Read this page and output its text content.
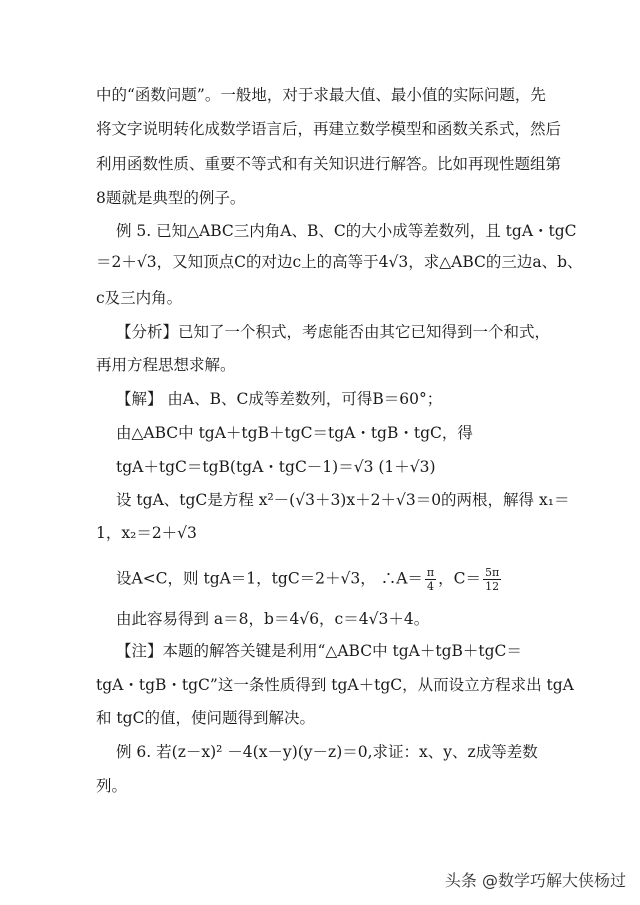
中的“函数问题”。一般地，对于求最大值、最小值的实际问题，先
将文字说明转化成数学语言后，再建立数学模型和函数关系式，然后
利用函数性质、重要不等式和有关知识进行解答。比如再现性题组第
8题就是典型的例子。
例 5. 已知△ABC三内角A、B、C的大小成等差数列，且 tgA・tgC
＝2＋√3，又知顶点C的对边c上的高等于4√3，求△ABC的三边a、b、
c及三内角。
【分析】已知了一个积式，考虑能否由其它已知得到一个和式，
再用方程思想求解。
【解】 由A、B、C成等差数列，可得B＝60°；
由△ABC中 tgA＋tgB＋tgC＝tgA・tgB・tgC，得
tgA＋tgC＝tgB(tgA・tgC－1)＝√3 (1＋√3)
设 tgA、tgC是方程 x²－(√3＋3)x＋2＋√3＝0的两根，解得 x₁＝
1，x₂＝2＋√3
设A<C，则 tgA＝1，tgC＝2＋√3， ∴A＝ $\frac{\pi}{4}$ ，$C= \frac{5\pi}{12}$
由此容易得到 a＝8，b＝4√6，c＝4√3＋4。
【注】本题的解答关键是利用“△ABC中 tgA＋tgB＋tgC＝
tgA・tgB・tgC”这一条性质得到 tgA＋tgC，从而设立方程求出 tgA
和 tgC的值，使问题得到解决。
例 6. 若(z－x)² －4(x－y)(y－z)＝0,求证：x、y、z成等差数
列。
头条 @数学巧解大侠杨过
